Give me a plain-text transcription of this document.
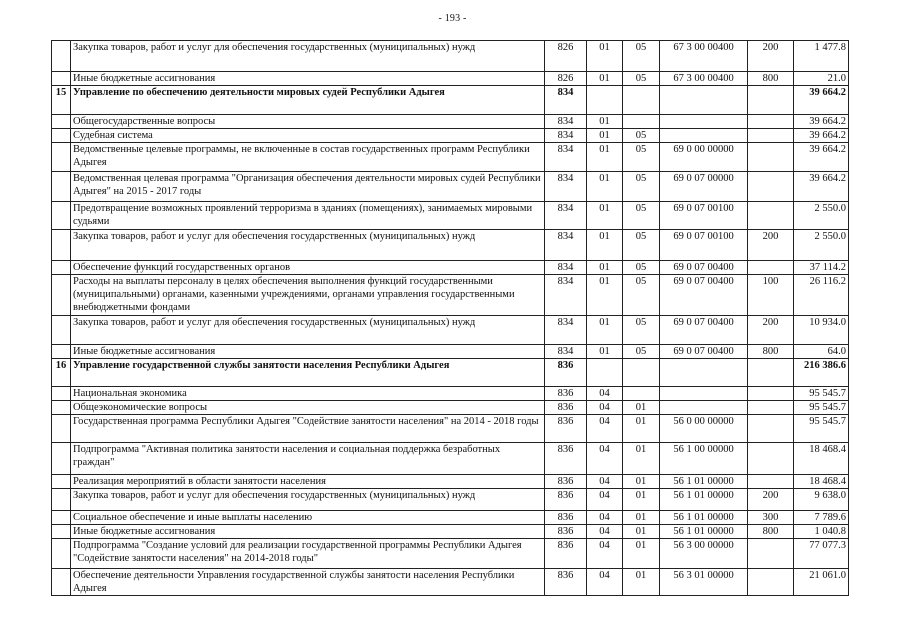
- 193 -
	Закупка товаров, работ и услуг для обеспечения государственных (муниципальных) нужд	826	01	05	67 3 00 00400	200	1 477.8
	Иные бюджетные ассигнования	826	01	05	67 3 00 00400	800	21.0
15	Управление по обеспечению деятельности мировых судей Республики Адыгея	834					39 664.2
	Общегосударственные вопросы	834	01				39 664.2
	Судебная система	834	01	05			39 664.2
	Ведомственные целевые программы, не включенные в состав государственных программ Республики Адыгея	834	01	05	69 0 00 00000		39 664.2
	Ведомственная целевая программа "Организация обеспечения деятельности мировых судей Республики Адыгея" на 2015 - 2017 годы	834	01	05	69 0 07 00000		39 664.2
	Предотвращение возможных проявлений терроризма в зданиях (помещениях), занимаемых мировыми судьями	834	01	05	69 0 07 00100		2 550.0
	Закупка товаров, работ и услуг для обеспечения государственных (муниципальных) нужд	834	01	05	69 0 07 00100	200	2 550.0
	Обеспечение функций государственных органов	834	01	05	69 0 07 00400		37 114.2
	Расходы на выплаты персоналу в целях обеспечения выполнения функций государственными (муниципальными) органами, казенными учреждениями, органами управления государственными внебюджетными фондами	834	01	05	69 0 07 00400	100	26 116.2
	Закупка товаров, работ и услуг для обеспечения государственных (муниципальных) нужд	834	01	05	69 0 07 00400	200	10 934.0
	Иные бюджетные ассигнования	834	01	05	69 0 07 00400	800	64.0
16	Управление государственной службы занятости населения Республики Адыгея	836					216 386.6
	Национальная экономика	836	04				95 545.7
	Общеэкономические вопросы	836	04	01			95 545.7
	Государственная программа Республики Адыгея "Содействие занятости населения" на 2014 - 2018 годы	836	04	01	56 0 00 00000		95 545.7
	Подпрограмма "Активная политика занятости населения и социальная поддержка безработных граждан"	836	04	01	56 1 00 00000		18 468.4
	Реализация мероприятий в области занятости населения	836	04	01	56 1 01 00000		18 468.4
	Закупка товаров, работ и услуг для обеспечения государственных (муниципальных) нужд	836	04	01	56 1 01 00000	200	9 638.0
	Социальное обеспечение и иные выплаты населению	836	04	01	56 1 01 00000	300	7 789.6
	Иные бюджетные ассигнования	836	04	01	56 1 01 00000	800	1 040.8
	Подпрограмма "Создание условий для реализации государственной программы Республики Адыгея "Содействие занятости населения" на 2014-2018 годы"	836	04	01	56 3 00 00000		77 077.3
	Обеспечение деятельности Управления государственной службы занятости населения Республики Адыгея	836	04	01	56 3 01 00000		21 061.0
